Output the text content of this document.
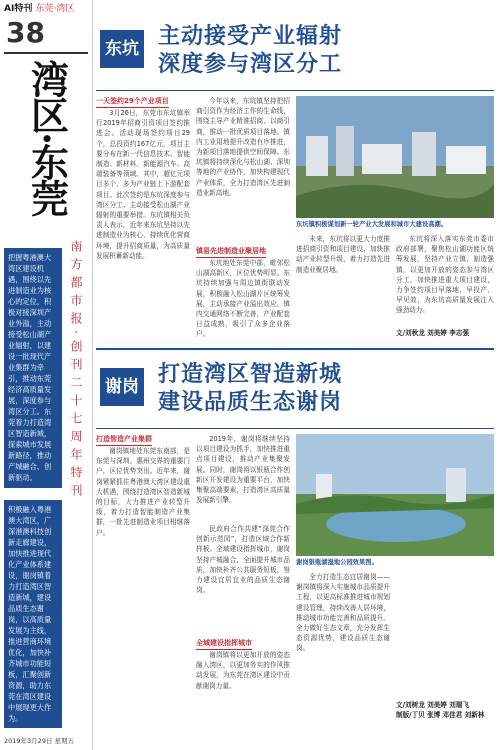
AI特刊 东莞·湾区
38
湾区·东莞
南方都市报·创刊二十七周年特刊
把握粤港澳大湾区建设机遇，围绕以先进制造业为核心的定位，积极对接深圳产业外溢，主动接受松山湖产业辐射，以建设一批现代产业集群为牵引，推动东莞经济高质量发展，深度参与湾区分工。东莞着力打造湾区智造新城，探索城市发展新路径，推动产城融合、创新驱动。
积极融入粤港澳大湾区，广深港澳科技创新走廊建设，加快推进现代化产业体系建设，谢岗镇着力打造湾区智造新城，建设品质生态谢岗，以高质量发展为主线，推进营商环境优化，加快补齐城市功能短板，汇聚创新资源，助力东莞在湾区建设中展现更大作为。
2019年3月29日 星期五
东坑 主动接受产业辐射
深度参与湾区分工
一天签约29个产业项目
3月26日，东莞市东坑镇举行2019年招商引资项目签约推进会。活动现场签约项目29个，总投资约167亿元，项目主要分布在新一代信息技术、智能制造、新材料、新能源汽车、高端装备等领域。其中，超亿元项目多个，多为产业链上下游配套项目。此次签约是东坑深度参与湾区分工、主动接受松山湖产业辐射的重要举措。东坑镇相关负责人表示，近年来东坑坚持以先进制造业为核心，持续优化营商环境，提升招商质量，为高质量发展积蓄新动能。
今年以来，东坑镇坚持把招商引资作为经济工作的生命线，围绕主导产业精准招商、以商引商，推动一批优质项目落地。镇内工业用地提升改造有序推进，为新项目落地提供空间保障。东坑镇将持续深化与松山湖、深圳等地的产业协作，加快构建现代产业体系，全力打造湾区先进制造业新高地。
镇易先进制造业聚居地
东坑地处东莞中部，毗邻松山湖高新区，区位优势明显。东坑持续加强与周边镇街联动发展，积极融入松山湖片区统筹发展，主动承接产业溢出效应。镇内交通网络不断完善，产业配套日益成熟，吸引了众多企业落户。
东坑镇积极谋划新一轮产业大发展和城市大建设高潮。
未来，东坑将以更大力度推进招商引资和项目建设，加快推动产业转型升级，着力打造先进制造业聚居地。
东坑将深入落实东莞市委市政府部署，聚焦松山湖功能区统筹发展，坚持产业立镇、制造强镇，以更加开放的姿态参与湾区分工，加快推进重大项目建设，力争签约项目早落地、早投产、早见效，为东坑高质量发展注入强劲动力。
文/刘秋龙 刘美婷 李志强
谢岗 打造湾区智造新城
建设品质生态谢岗
打造智造产业集群
谢岗镇地处东莞东南部，是东莞与深圳、惠州交界的重要门户，区位优势突出。近年来，谢岗紧紧抓住粤港澳大湾区建设重大机遇，围绕打造湾区智造新城的目标，大力推进产业转型升级，着力打造智能制造产业集群，一批先进制造业项目相继落户。
2019年，谢岗将继续坚持以项目建设为抓手，加快推进重点项目建设，推动产业集聚发展。同时，谢岗将以银瓶合作创新区开发建设为重要平台，加快集聚高端要素，打造湾区高质量发展新引擎。
民政府合作共建“深莞合作创新示范园”，打造区域合作新样板。全域建设指挥城市，谢岗坚持产城融合，全面提升城市品质，加快补齐公共服务短板，努力建设宜居宜业的品质生态谢岗。
谢岗银瓶湖湿地公园效果图。
全域建设指挥城市
谢岗镇将以更加开放的姿态融入湾区，以更加务实的作风推动发展，为东莞在湾区建设中贡献谢岗力量。
全力打造生态宜居谢岗——谢岗镇将深入实施城市品质提升工程，以更高标准推进城市规划建设管理，持续改善人居环境，推动城市功能完善和品质提升。全力做好生态文章，充分发挥生态资源优势，建设品质生态谢岗。
文/刘树龙 刘美婷 刘瑞飞
制版/丁贝 张博 邓佳君 刘新林
